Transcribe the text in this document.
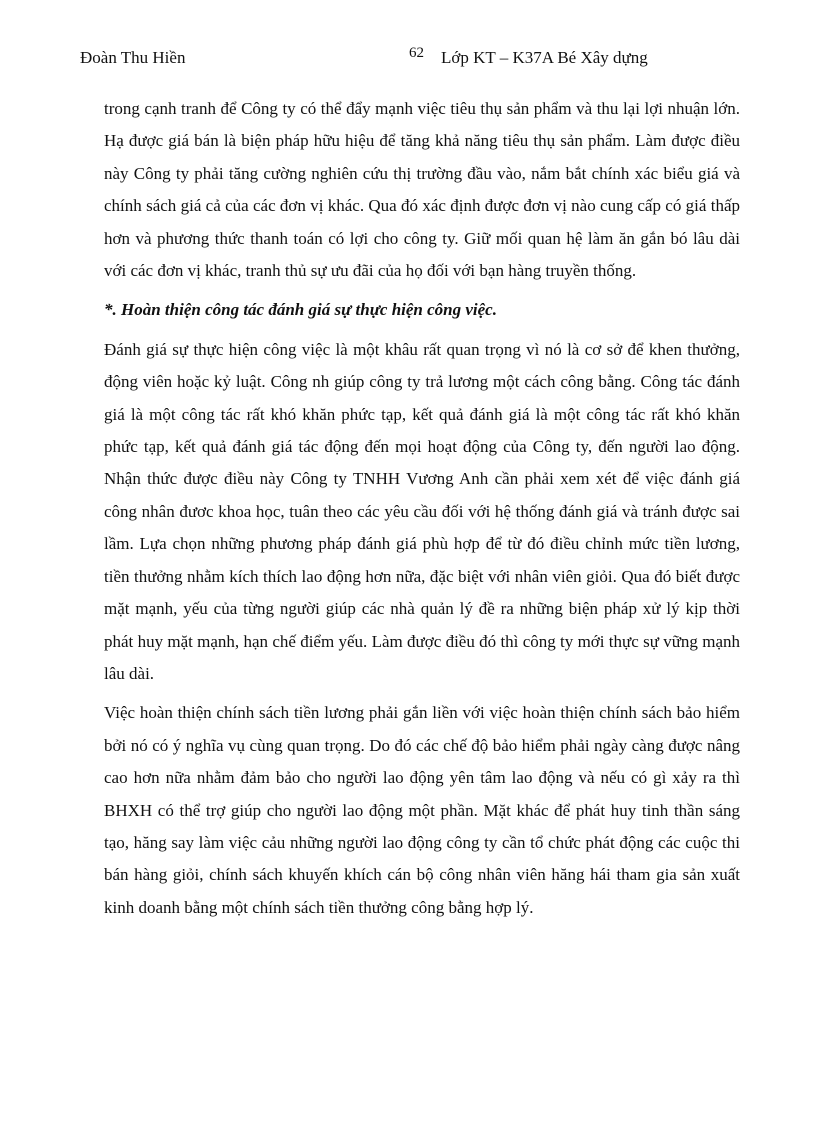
Đoàn Thu Hiền	62 Lớp KT – K37A Bé Xây dựng

trong cạnh tranh để Công ty có thể đẩy mạnh việc tiêu thụ sản phẩm và thu lại lợi nhuận lớn. Hạ được giá bán là biện pháp hữu hiệu để tăng khả năng tiêu thụ sản phẩm. Làm được điều này Công ty phải tăng cường nghiên cứu thị trường đầu vào, nắm bắt chính xác biểu giá và chính sách giá cả của các đơn vị khác. Qua đó xác định được đơn vị nào cung cấp có giá thấp hơn và phương thức thanh toán có lợi cho công ty. Giữ mối quan hệ làm ăn gắn bó lâu dài với các đơn vị khác, tranh thủ sự ưu đãi của họ đối với bạn hàng truyền thống.

*. Hoàn thiện công tác đánh giá sự thực hiện công việc.

Đánh giá sự thực hiện công việc là một khâu rất quan trọng vì nó là cơ sở để khen thưởng, động viên hoặc kỷ luật. Công nh giúp công ty trả lương một cách công bằng. Công tác đánh giá là một công tác rất khó khăn phức tạp, kết quả đánh giá là một công tác rất khó khăn phức tạp, kết quả đánh giá tác động đến mọi hoạt động của Công ty, đến người lao động. Nhận thức được điều này Công ty TNHH Vương Anh cần phải xem xét để việc đánh giá công nhân đươc khoa học, tuân theo các yêu cầu đối với hệ thống đánh giá và tránh được sai lầm. Lựa chọn những phương pháp đánh giá phù hợp để từ đó điều chỉnh mức tiền lương, tiền thưởng nhằm kích thích lao động hơn nữa, đặc biệt với nhân viên giỏi. Qua đó biết được mặt mạnh, yếu của từng người giúp các nhà quản lý đề ra những biện pháp xử lý kịp thời phát huy mặt mạnh, hạn chế điểm yếu. Làm được điều đó thì công ty mới thực sự vững mạnh lâu dài.

Việc hoàn thiện chính sách tiền lương phải gắn liền với việc hoàn thiện chính sách bảo hiểm bởi nó có ý nghĩa vụ cùng quan trọng. Do đó các chế độ bảo hiểm phải ngày càng được nâng cao hơn nữa nhằm đảm bảo cho người lao động yên tâm lao động và nếu có gì xảy ra thì BHXH có thể trợ giúp cho người lao động một phần. Mặt khác để phát huy tinh thần sáng tạo, hăng say làm việc cảu những người lao động công ty cần tổ chức phát động các cuộc thi bán hàng giỏi, chính sách khuyến khích cán bộ công nhân viên hăng hái tham gia sản xuất kinh doanh bằng một chính sách tiền thưởng công bằng hợp lý.
